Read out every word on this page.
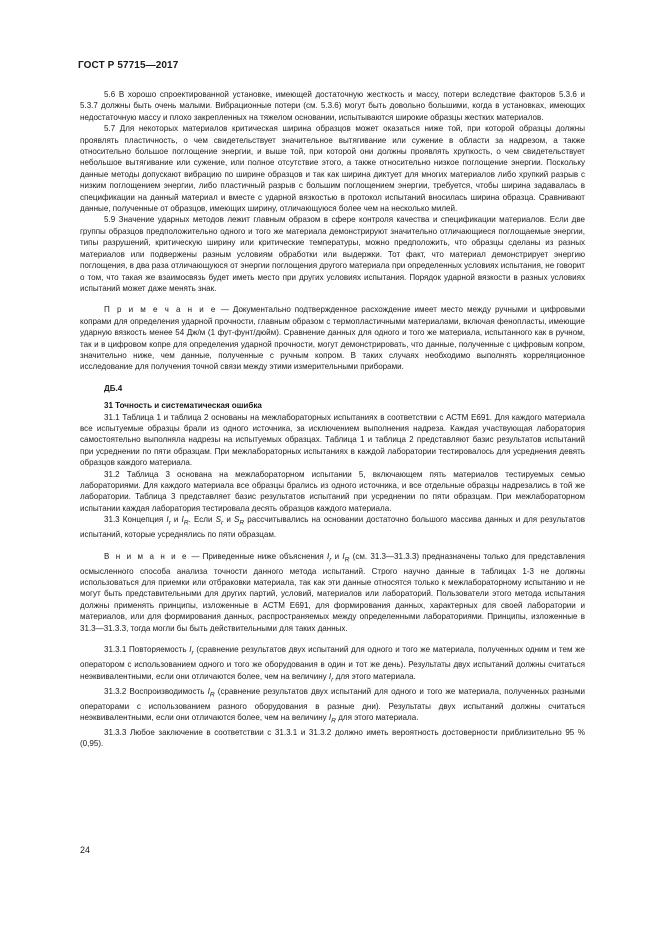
ГОСТ Р 57715—2017

5.6 В хорошо спроектированной установке, имеющей достаточную жесткость и массу, потери вследствие факторов 5.3.6 и 5.3.7 должны быть очень малыми. Вибрационные потери (см. 5.3.6) могут быть довольно большими, когда в установках, имеющих недостаточную массу и плохо закрепленных на тяжелом основании, испытываются широкие образцы жестких материалов.

5.7 Для некоторых материалов критическая ширина образцов может оказаться ниже той, при которой образцы должны проявлять пластичность, о чем свидетельствует значительное вытягивание или сужение в области за надрезом, а также относительно большое поглощение энергии, и выше той, при которой они должны проявлять хрупкость, о чем свидетельствует небольшое вытягивание или сужение, или полное отсутствие этого, а также относительно низкое поглощение энергии. Поскольку данные методы допускают вибрацию по ширине образцов и так как ширина диктует для многих материалов либо хрупкий разрыв с низким поглощением энергии, либо пластичный разрыв с большим поглощением энергии, требуется, чтобы ширина задавалась в спецификации на данный материал и вместе с ударной вязкостью в протокол испытаний вносилась ширина образца. Сравнивают данные, полученные от образцов, имеющих ширину, отличающуюся более чем на несколько милей.

5.9 Значение ударных методов лежит главным образом в сфере контроля качества и спецификации материалов. Если две группы образцов предположительно одного и того же материала демонстрируют значительно отличающиеся поглощаемые энергии, типы разрушений, критическую ширину или критические температуры, можно предположить, что образцы сделаны из разных материалов или подвержены разным условиям обработки или выдержки. Тот факт, что материал демонстрирует энергию поглощения, в два раза отличающуюся от энергии поглощения другого материала при определенных условиях испытания, не говорит о том, что такая же взаимосвязь будет иметь место при других условиях испытания. Порядок ударной вязкости в разных условиях испытаний может даже менять знак.

П р и м е ч а н и е — Документально подтвержденное расхождение имеет место между ручными и цифровыми копрами для определения ударной прочности, главным образом с термопластичными материалами, включая фенопласты, имеющие ударную вязкость менее 54 Дж/м (1 фут-фунт/дюйм). Сравнение данных для одного и того же материала, испытанного как в ручном, так и в цифровом копре для определения ударной прочности, могут демонстрировать, что данные, полученные с цифровым копром, значительно ниже, чем данные, полученные с ручным копром. В таких случаях необходимо выполнять корреляционное исследование для получения точной связи между этими измерительными приборами.

ДБ.4

31 Точность и систематическая ошибка

31.1 Таблица 1 и таблица 2 основаны на межлабораторных испытаниях в соответствии с АСТМ Е691. Для каждого материала все испытуемые образцы брали из одного источника, за исключением выполнения надреза. Каждая участвующая лаборатория самостоятельно выполняла надрезы на испытуемых образцах. Таблица 1 и таблица 2 представляют базис результатов испытаний при усреднении по пяти образцам. При межлабораторных испытаниях в каждой лаборатории тестировалось для усреднения девять образцов каждого материала.

31.2 Таблица 3 основана на межлабораторном испытании 5, включающем пять материалов тестируемых семью лабораториями. Для каждого материала все образцы брались из одного источника, и все отдельные образцы надрезались в той же лаборатории. Таблица 3 представляет базис результатов испытаний при усреднении по пяти образцам. При межлабораторном испытании каждая лаборатория тестировала десять образцов каждого материала.

31.3 Концепция $I_r$ и $I_R$. Если $S_r$ и $S_R$ рассчитывались на основании достаточно большого массива данных и для результатов испытаний, которые усреднялись по пяти образцам.

В н и м а н и е — Приведенные ниже объяснения $I_r$ и $I_R$ (см. 31.3—31.3.3) предназначены только для представления осмысленного способа анализа точности данного метода испытаний. Строго научно данные в таблицах 1-3 не должны использоваться для приемки или отбраковки материала, так как эти данные относятся только к межлабораторному испытанию и не могут быть представительными для других партий, условий, материалов или лабораторий. Пользователи этого метода испытания должны применять принципы, изложенные в АСТМ Е691, для формирования данных, характерных для своей лаборатории и материалов, или для формирования данных, распространяемых между определенными лабораториями. Принципы, изложенные в 31.3—31.3.3, тогда могли бы быть действительными для таких данных.

31.3.1 Повторяемость $I_r$ (сравнение результатов двух испытаний для одного и того же материала, полученных одним и тем же оператором с использованием одного и того же оборудования в один и тот же день). Результаты двух испытаний должны считаться неэквивалентными, если они отличаются более, чем на величину $I_r$ для этого материала.

31.3.2 Воспроизводимость $I_R$ (сравнение результатов двух испытаний для одного и того же материала, полученных разными операторами с использованием разного оборудования в разные дни). Результаты двух испытаний должны считаться неэквивалентными, если они отличаются более, чем на величину $I_R$ для этого материала.

31.3.3 Любое заключение в соответствии с 31.3.1 и 31.3.2 должно иметь вероятность достоверности приблизительно 95 % (0,95).

24
